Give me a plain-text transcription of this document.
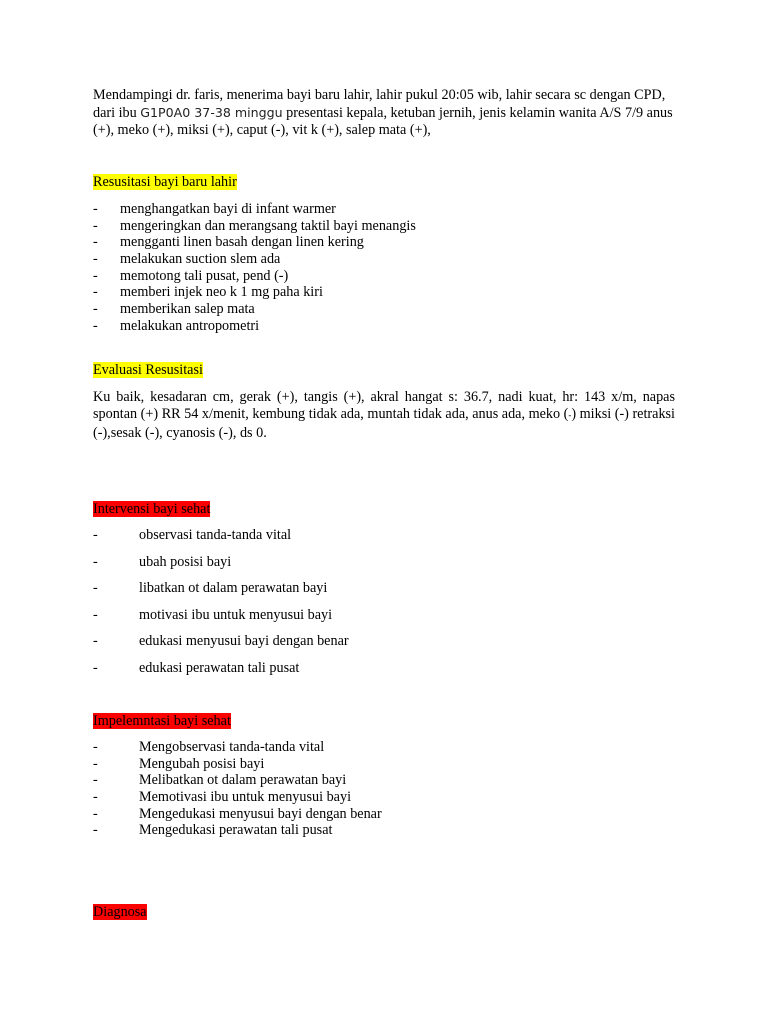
Mendampingi dr. faris, menerima bayi baru lahir, lahir pukul 20:05 wib, lahir secara sc dengan CPD, dari ibu G1P0A0 37-38 minggu presentasi kepala, ketuban jernih, jenis kelamin wanita A/S 7/9 anus (+), meko (+), miksi (+), caput (-), vit k (+), salep mata (+),
Resusitasi bayi baru lahir
- menghangatkan bayi di infant warmer
- mengeringkan dan merangsang taktil bayi menangis
- mengganti linen basah dengan linen kering
- melakukan suction slem ada
- memotong tali pusat, pend (-)
- memberi injek neo k 1 mg paha kiri
- memberikan salep mata
- melakukan antropometri
Evaluasi Resusitasi
Ku baik, kesadaran cm, gerak (+), tangis (+), akral hangat s: 36.7, nadi kuat, hr: 143 x/m, napas spontan (+) RR 54 x/menit, kembung tidak ada, muntah tidak ada, anus ada, meko (-) miksi (-) retraksi (-),sesak (-), cyanosis (-), ds 0.
Intervensi bayi sehat
-	observasi tanda-tanda vital
-	ubah posisi bayi
-	libatkan ot dalam perawatan bayi
-	motivasi ibu untuk menyusui bayi
-	edukasi menyusui bayi dengan benar
-	edukasi perawatan tali pusat
Impelemntasi bayi sehat
-	Mengobservasi tanda-tanda vital
-	Mengubah posisi bayi
-	Melibatkan ot dalam perawatan bayi
-	Memotivasi ibu untuk menyusui bayi
-	Mengedukasi menyusui bayi dengan benar
-	Mengedukasi perawatan tali pusat
Diagnosa
